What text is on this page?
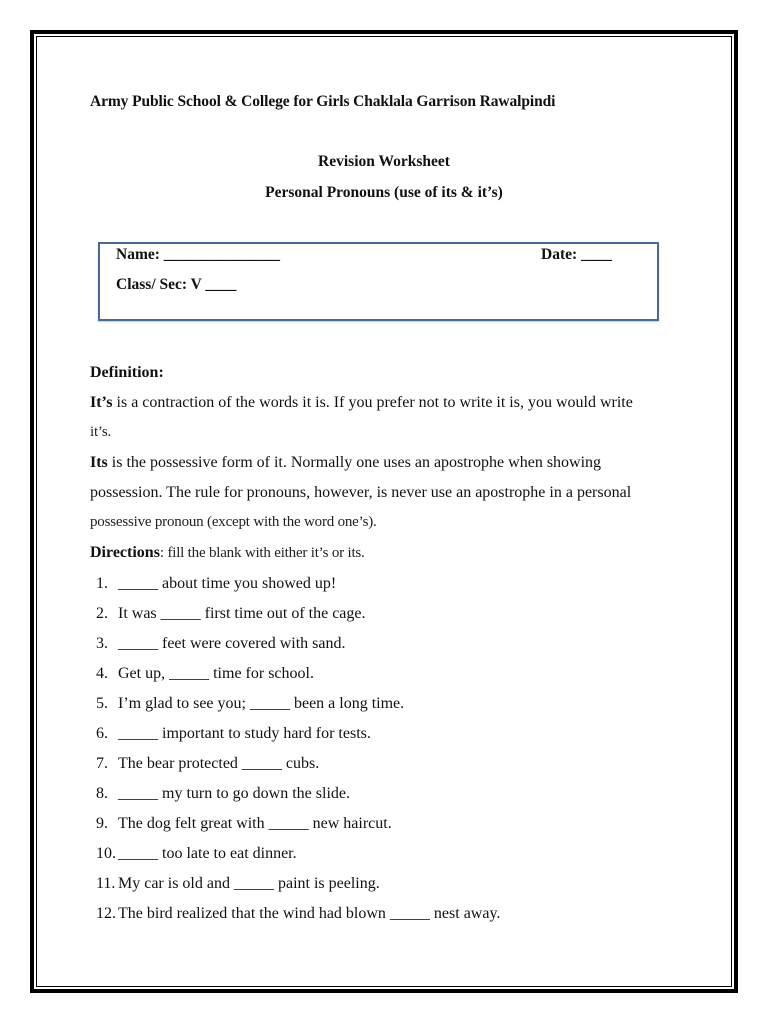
Army Public School & College for Girls Chaklala Garrison Rawalpindi
Revision Worksheet
Personal Pronouns (use of its & it’s)
Name: _______________	Date: ____
Class/ Sec: V ____
Definition:
It’s is a contraction of the words it is. If you prefer not to write it is, you would write
it’s.
Its is the possessive form of it. Normally one uses an apostrophe when showing
possession. The rule for pronouns, however, is never use an apostrophe in a personal
possessive pronoun (except with the word one’s).
Directions: fill the blank with either it’s or its.
1. _____ about time you showed up!
2. It was _____ first time out of the cage.
3. _____ feet were covered with sand.
4. Get up, _____ time for school.
5. I’m glad to see you; _____ been a long time.
6. _____ important to study hard for tests.
7. The bear protected _____ cubs.
8. _____ my turn to go down the slide.
9. The dog felt great with _____ new haircut.
10. _____ too late to eat dinner.
11. My car is old and _____ paint is peeling.
12. The bird realized that the wind had blown _____ nest away.
